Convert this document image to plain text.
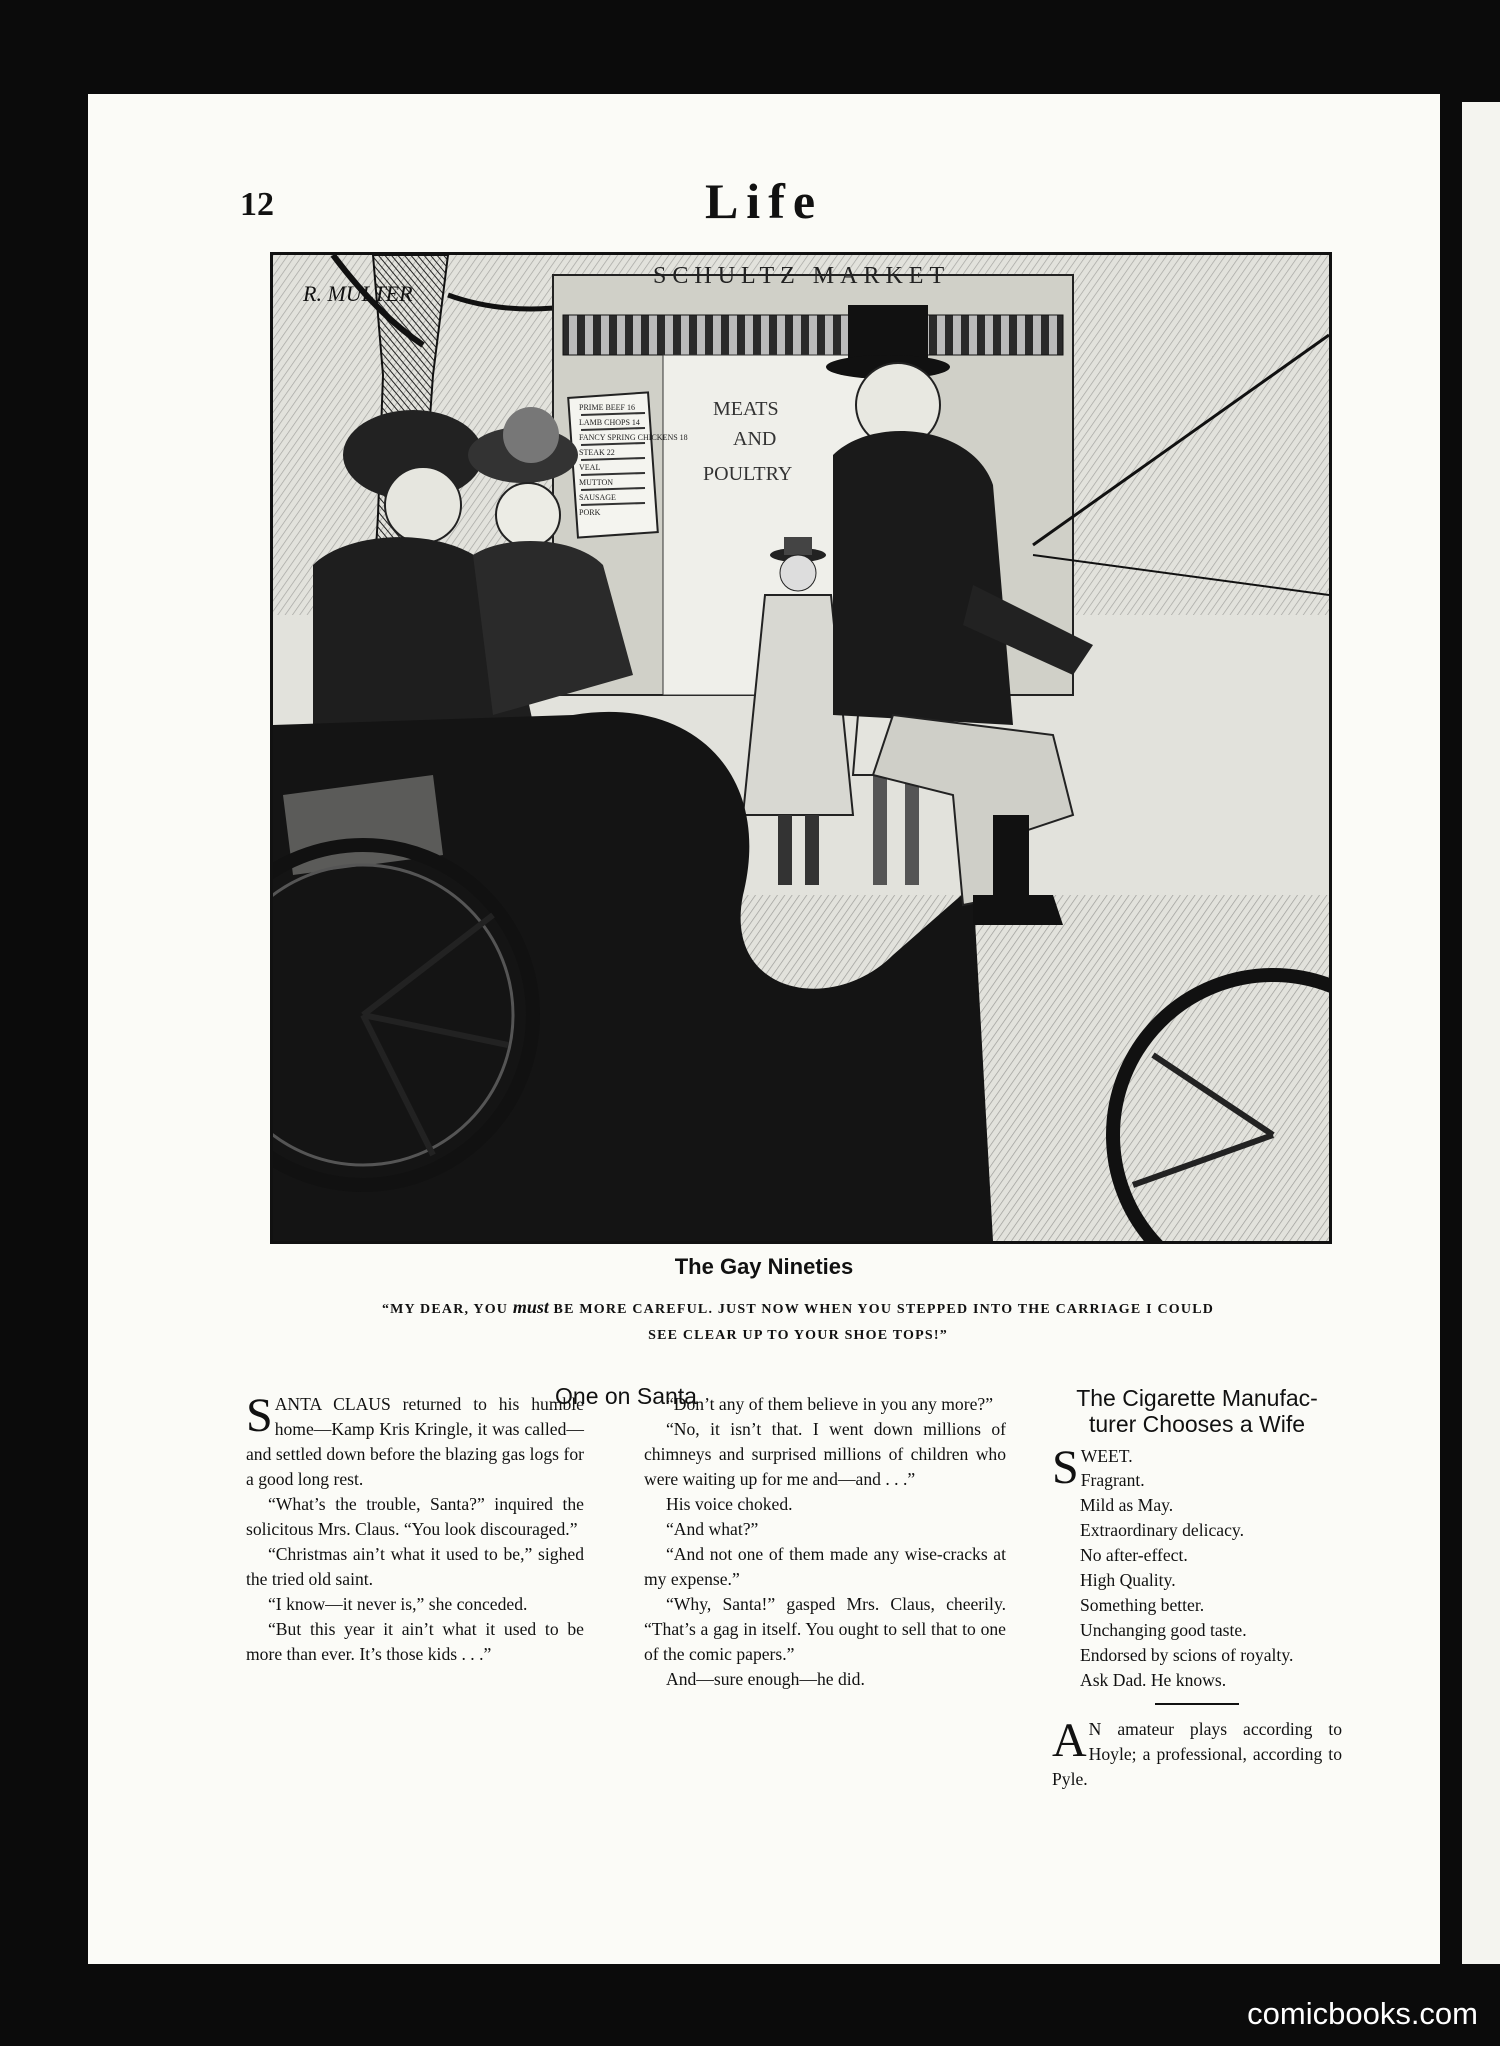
12	Life
R. MULTER
SCHULTZ MARKET
MEATS
AND
POULTRY
PRIME BEEF 16
LAMB CHOPS 14
FANCY SPRING CHICKENS 18
STEAK 22
VEAL
MUTTON
SAUSAGE
PORK
The Gay Nineties
“MY DEAR, YOU must BE MORE CAREFUL. JUST NOW WHEN YOU STEPPED INTO THE CARRIAGE I COULD SEE CLEAR UP TO YOUR SHOE TOPS!”

SANTA CLAUS returned to his humble home—Kamp Kris Kringle, it was called—and settled down before the blazing gas logs for a good long rest.

“What’s the trouble, Santa?” inquired the solicitous Mrs. Claus. “You look discouraged.”

“Christmas ain’t what it used to be,” sighed the tried old saint.

“I know—it never is,” she conceded.

“But this year it ain’t what it used to be more than ever. It’s those kids . . .”

“Don’t any of them believe in you any more?”

“No, it isn’t that. I went down millions of chimneys and surprised millions of children who were waiting up for me and—and . . .”

His voice choked.

“And what?”

“And not one of them made any wise-cracks at my expense.”

“Why, Santa!” gasped Mrs. Claus, cheerily. “That’s a gag in itself. You ought to sell that to one of the comic papers.”

And—sure enough—he did.

One on Santa	The Cigarette Manufac-
turer Chooses a Wife

SWEET.

Fragrant.
Mild as May.
Extraordinary delicacy.
No after-effect.
High Quality.
Something better.
Unchanging good taste.
Endorsed by scions of royalty.
Ask Dad. He knows.

A N amateur plays according to Hoyle; a professional, according to Pyle.

comicbooks.com
